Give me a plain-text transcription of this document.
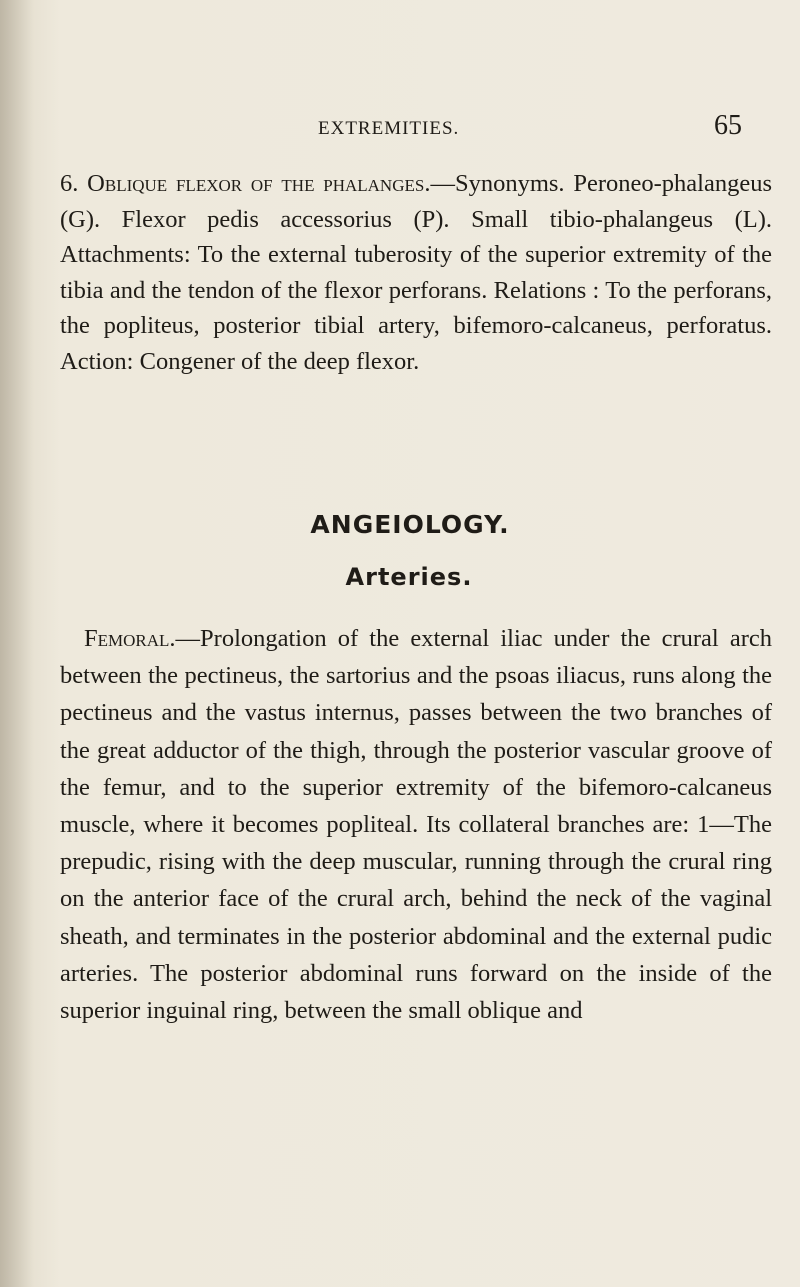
EXTREMITIES.	65
6. Oblique flexor of the phalanges.—Synonyms. Peroneo-phalangeus (G). Flexor pedis accessorius (P). Small tibio-phalangeus (L). Attachments: To the external tuberosity of the superior extremity of the tibia and the tendon of the flexor perforans. Relations : To the perforans, the popliteus, posterior tibial artery, bifemoro-calcaneus, perforatus. Action: Congener of the deep flexor.
ANGEIOLOGY.
Arteries.
Femoral.—Prolongation of the external iliac under the crural arch between the pectineus, the sartorius and the psoas iliacus, runs along the pectineus and the vastus internus, passes between the two branches of the great adductor of the thigh, through the posterior vascular groove of the femur, and to the superior extremity of the bifemoro-calcaneus muscle, where it becomes popliteal. Its collateral branches are: 1—The prepudic, rising with the deep muscular, running through the crural ring on the anterior face of the crural arch, behind the neck of the vaginal sheath, and terminates in the posterior abdominal and the external pudic arteries. The posterior abdominal runs forward on the inside of the superior inguinal ring, between the small oblique and
